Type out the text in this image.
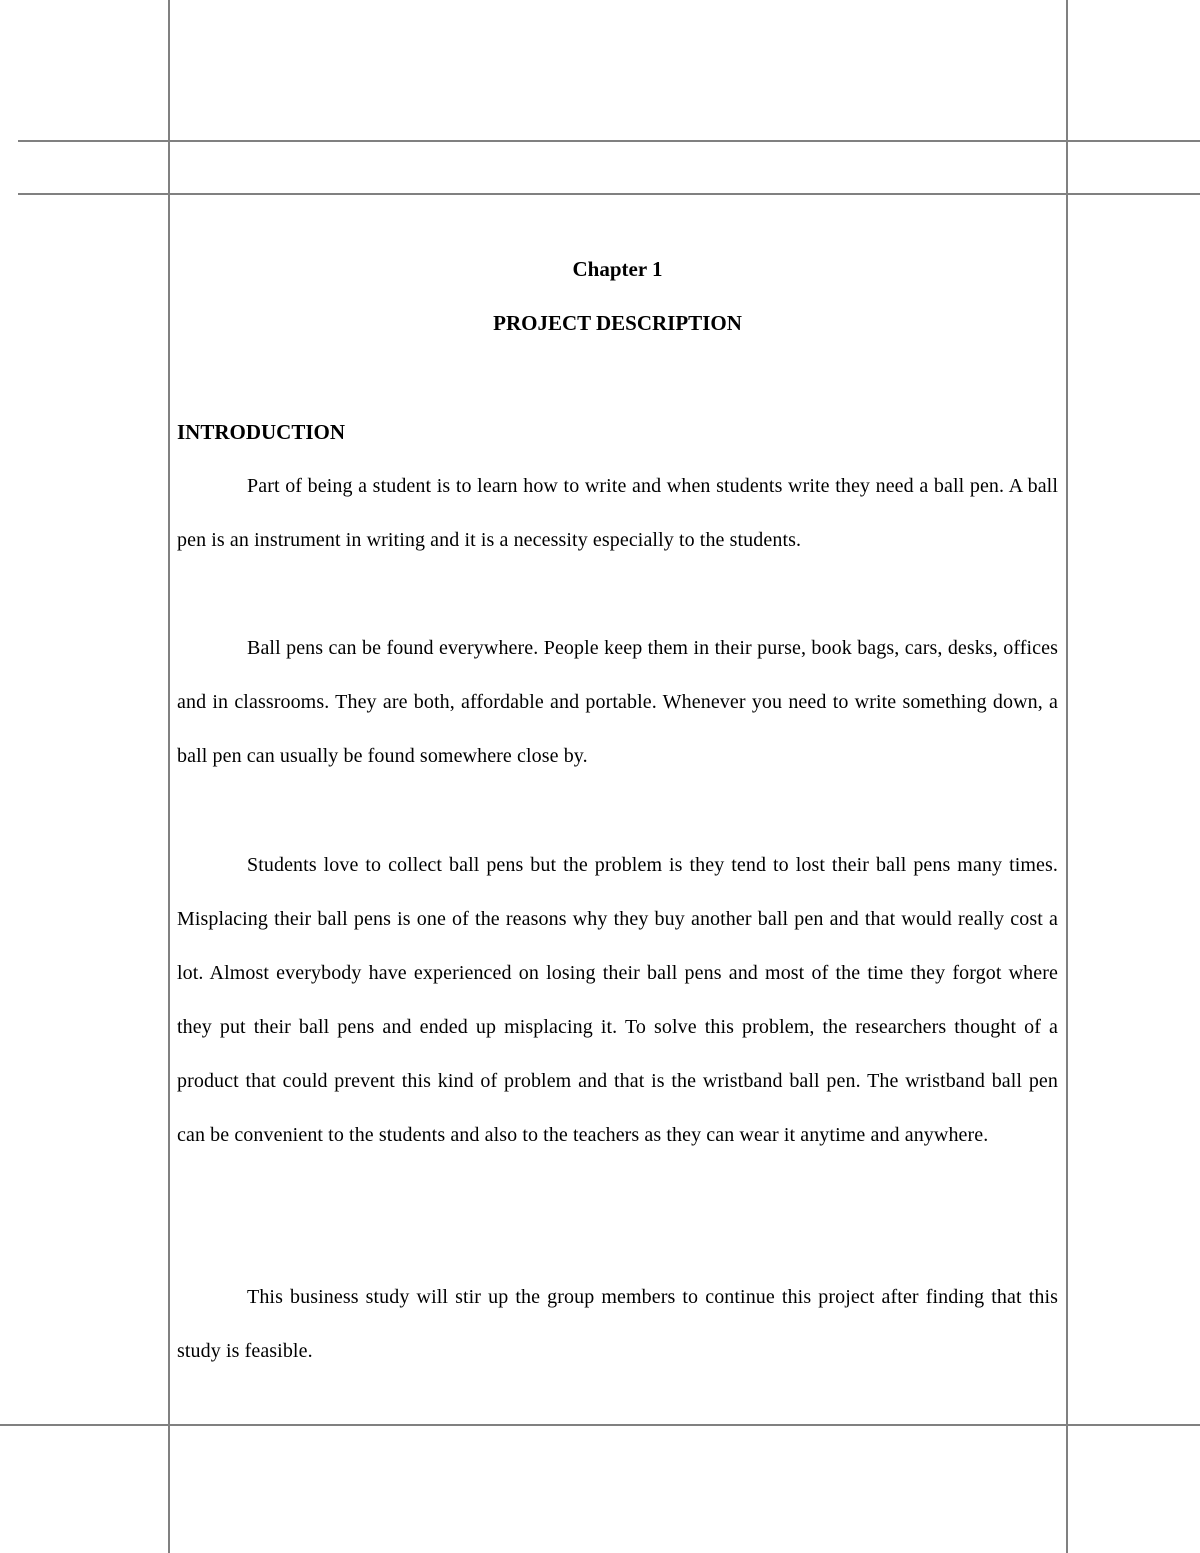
Chapter 1
PROJECT DESCRIPTION
INTRODUCTION

Part of being a student is to learn how to write and when students write they need a ball pen. A ball pen is an instrument in writing and it is a necessity especially to the students.

Ball pens can be found everywhere. People keep them in their purse, book bags, cars, desks, offices and in classrooms. They are both, affordable and portable. Whenever you need to write something down, a ball pen can usually be found somewhere close by.

Students love to collect ball pens but the problem is they tend to lost their ball pens many times. Misplacing their ball pens is one of the reasons why they buy another ball pen and that would really cost a lot. Almost everybody have experienced on losing their ball pens and most of the time they forgot where they put their ball pens and ended up misplacing it. To solve this problem, the researchers thought of a product that could prevent this kind of problem and that is the wristband ball pen. The wristband ball pen can be convenient to the students and also to the teachers as they can wear it anytime and anywhere.

This business study will stir up the group members to continue this project after finding that this study is feasible.
